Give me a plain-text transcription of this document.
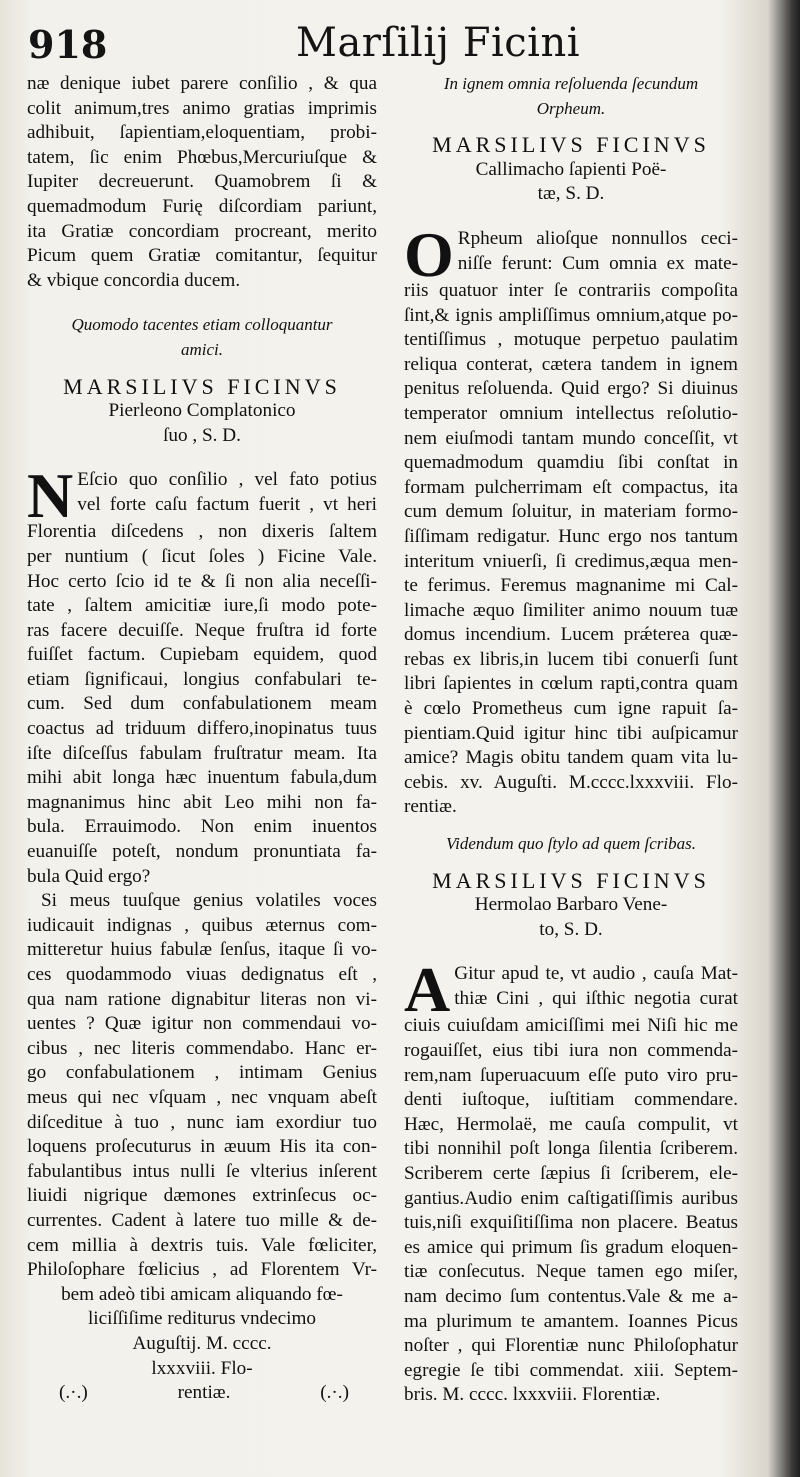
918	Marſilij Ficini
næ denique iubet parere conſilio , & qua
colit animum,tres animo gratias imprimis
adhibuit, ſapientiam,eloquentiam, probi-
tatem, ſic enim Phœbus,Mercuriuſque &
Iupiter decreuerunt. Quamobrem ſi &
quemadmodum Furię diſcordiam pariunt,
ita Gratiæ concordiam procreant, merito
Picum quem Gratiæ comitantur, ſequitur
& vbique concordia ducem.
Quomodo tacentes etiam colloquantur
amici.
MARSILIVS FICINVS
Pierleono Complatonico
ſuo , S. D.
N Eſcio quo conſilio , vel fato potius
vel forte caſu factum fuerit , vt heri
Florentia diſcedens , non dixeris ſaltem
per nuntium ( ſicut ſoles ) Ficine Vale.
Hoc certo ſcio id te & ſi non alia neceſſi-
tate , ſaltem amicitiæ iure,ſi modo pote-
ras facere decuiſſe. Neque fruſtra id forte
fuiſſet factum. Cupiebam equidem, quod
etiam ſignificaui, longius confabulari te-
cum. Sed dum confabulationem meam
coactus ad triduum differo,inopinatus tuus
iſte diſceſſus fabulam fruſtratur meam. Ita
mihi abit longa hæc inuentum fabula,dum
magnanimus hinc abit Leo mihi non fa-
bula. Errauimodo. Non enim inuentos
euanuiſſe poteſt, nondum pronuntiata fa-
bula Quid ergo?
Si meus tuuſque genius volatiles voces
iudicauit indignas , quibus æternus com-
mitteretur huius fabulæ ſenſus, itaque ſi vo-
ces quodammodo viuas dedignatus eſt ,
qua nam ratione dignabitur literas non vi-
uentes ? Quæ igitur non commendaui vo-
cibus , nec literis commendabo. Hanc er-
go confabulationem , intimam Genius
meus qui nec vſquam , nec vnquam abeſt
diſceditue à tuo , nunc iam exordiur tuo
loquens proſecuturus in æuum His ita con-
fabulantibus intus nulli ſe vlterius inſerent
liuidi nigrique dæmones extrinſecus oc-
currentes. Cadent à latere tuo mille & de-
cem millia à dextris tuis. Vale fœliciter,
Philoſophare fœlicius , ad Florentem Vr-
bem adeò tibi amicam aliquando fœ-
liciſſiſime rediturus vndecimo
Auguſtij. M. cccc.
lxxxviii. Flo-
(.·.)	rentiæ.	(.·.)
In ignem omnia reſoluenda ſecundum
Orpheum.
MARSILIVS FICINVS
Callimacho ſapienti Poë-
tæ, S. D.
O Rpheum alioſque nonnullos ceci-
niſſe ferunt: Cum omnia ex mate-
riis quatuor inter ſe contrariis compoſita
ſint,& ignis ampliſſimus omnium,atque po-
tentiſſimus , motuque perpetuo paulatim
reliqua conterat, cætera tandem in ignem
penitus reſoluenda. Quid ergo? Si diuinus
temperator omnium intellectus reſolutio-
nem eiuſmodi tantam mundo conceſſit, vt
quemadmodum quamdiu ſibi conſtat in
formam pulcherrimam eſt compactus, ita
cum demum ſoluitur, in materiam formo-
ſiſſimam redigatur. Hunc ergo nos tantum
interitum vniuerſi, ſi credimus,æqua men-
te ferimus. Feremus magnanime mi Cal-
limache æquo ſimiliter animo nouum tuæ
domus incendium. Lucem prǽterea quæ-
rebas ex libris,in lucem tibi conuerſi ſunt
libri ſapientes in cœlum rapti,contra quam
è cœlo Prometheus cum igne rapuit ſa-
pientiam.Quid igitur hinc tibi auſpicamur
amice? Magis obitu tandem quam vita lu-
cebis. xv. Auguſti. M.cccc.lxxxviii. Flo-
rentiæ.
Videndum quo ſtylo ad quem ſcribas.
MARSILIVS FICINVS
Hermolao Barbaro Vene-
to, S. D.
A Gitur apud te, vt audio , cauſa Mat-
thiæ Cini , qui iſthic negotia curat
ciuis cuiuſdam amiciſſimi mei Niſi hic me
rogauiſſet, eius tibi iura non commenda-
rem,nam ſuperuacuum eſſe puto viro pru-
denti iuſtoque, iuſtitiam commendare.
Hæc, Hermolaë, me cauſa compulit, vt
tibi nonnihil poſt longa ſilentia ſcriberem.
Scriberem certe ſæpius ſi ſcriberem, ele-
gantius.Audio enim caſtigatiſſimis auribus
tuis,niſi exquiſitiſſima non placere. Beatus
es amice qui primum ſis gradum eloquen-
tiæ conſecutus. Neque tamen ego miſer,
nam decimo ſum contentus.Vale & me a-
ma plurimum te amantem. Ioannes Picus
noſter , qui Florentiæ nunc Philoſophatur
egregie ſe tibi commendat. xiii. Septem-
bris. M. cccc. lxxxviii. Florentiæ.
